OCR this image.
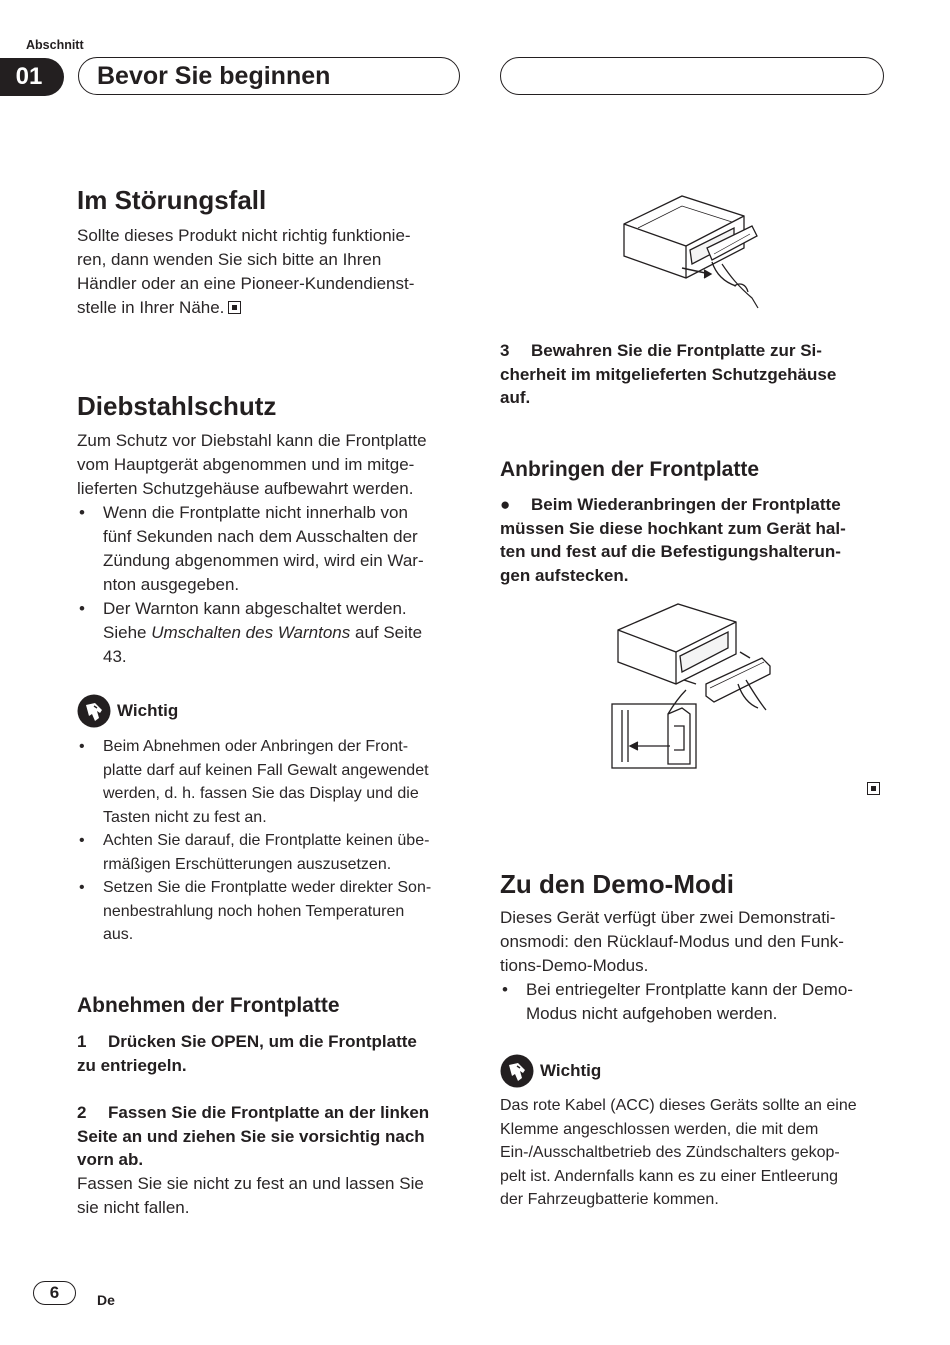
Abschnitt
01	Bevor Sie beginnen
Im Störungsfall

Sollte dieses Produkt nicht richtig funktionie-

ren, dann wenden Sie sich bitte an Ihren

Händler oder an eine Pioneer-Kundendienst-

stelle in Ihrer Nähe.

Diebstahlschutz

Zum Schutz vor Diebstahl kann die Frontplatte

vom Hauptgerät abgenommen und im mitge-

lieferten Schutzgehäuse aufbewahrt werden.

• Wenn die Frontplatte nicht innerhalb von
fünf Sekunden nach dem Ausschalten der
Zündung abgenommen wird, wird ein War-
nton ausgegeben.
• Der Warnton kann abgeschaltet werden.
Siehe Umschalten des Warntons auf Seite
43.
Wichtig
• Beim Abnehmen oder Anbringen der Front-
platte darf auf keinen Fall Gewalt angewendet
werden, d. h. fassen Sie das Display und die
Tasten nicht zu fest an.
• Achten Sie darauf, die Frontplatte keinen übe-
rmäßigen Erschütterungen auszusetzen.
• Setzen Sie die Frontplatte weder direkter Son-
nenbestrahlung noch hohen Temperaturen
aus.
Abnehmen der Frontplatte

1 Drücken Sie OPEN, um die Frontplatte

zu entriegeln.

2 Fassen Sie die Frontplatte an der linken

Seite an und ziehen Sie sie vorsichtig nach

vorn ab.

Fassen Sie sie nicht zu fest an und lassen Sie

sie nicht fallen.

3 Bewahren Sie die Frontplatte zur Si-

cherheit im mitgelieferten Schutzgehäuse

auf.

Anbringen der Frontplatte

● Beim Wiederanbringen der Frontplatte

müssen Sie diese hochkant zum Gerät hal-

ten und fest auf die Befestigungshalterun-

gen aufstecken.

Zu den Demo-Modi

Dieses Gerät verfügt über zwei Demonstrati-

onsmodi: den Rücklauf-Modus und den Funk-

tions-Demo-Modus.

• Bei entriegelter Frontplatte kann der Demo-
Modus nicht aufgehoben werden.
Wichtig

Das rote Kabel (ACC) dieses Geräts sollte an eine

Klemme angeschlossen werden, die mit dem

Ein-/Ausschaltbetrieb des Zündschalters gekop-

pelt ist. Andernfalls kann es zu einer Entleerung

der Fahrzeugbatterie kommen.

6	De
